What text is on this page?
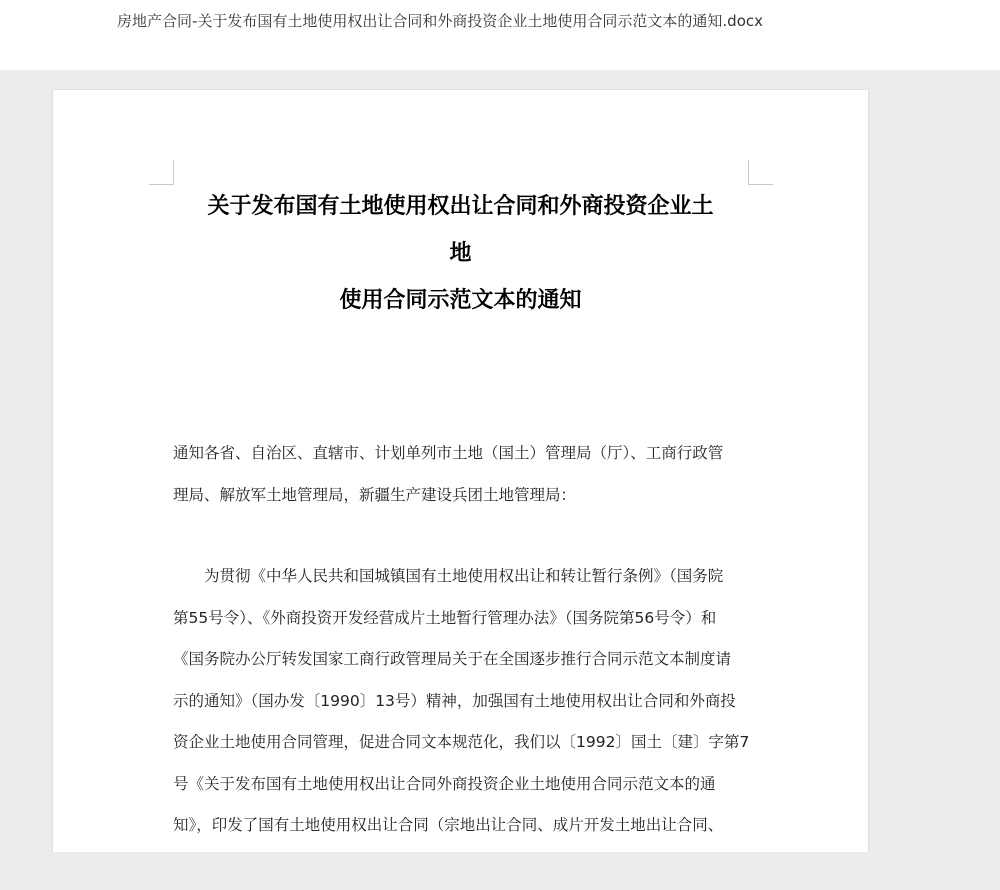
房地产合同-关于发布国有土地使用权出让合同和外商投资企业土地使用合同示范文本的通知.docx
关于发布国有土地使用权出让合同和外商投资企业土
地
使用合同示范文本的通知
通知各省、自治区、直辖市、计划单列市土地（国土）管理局（厅）、工商行政管
理局、解放军土地管理局，新疆生产建设兵团土地管理局：
为贯彻《中华人民共和国城镇国有土地使用权出让和转让暂行条例》（国务院
第55号令）、《外商投资开发经营成片土地暂行管理办法》（国务院第56号令）和
《国务院办公厅转发国家工商行政管理局关于在全国逐步推行合同示范文本制度请
示的通知》（国办发〔1990〕13号）精神，加强国有土地使用权出让合同和外商投
资企业土地使用合同管理，促进合同文本规范化，我们以〔1992〕国土〔建〕字第7
号《关于发布国有土地使用权出让合同外商投资企业土地使用合同示范文本的通
知》，印发了国有土地使用权出让合同（宗地出让合同、成片开发土地出让合同、
